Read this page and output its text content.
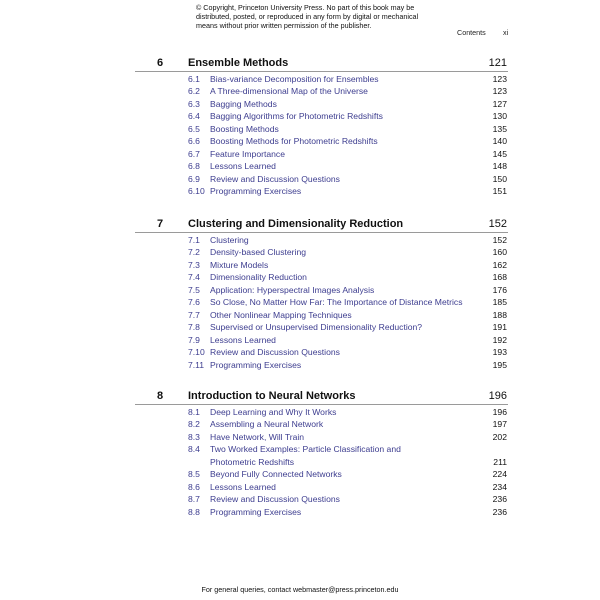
© Copyright, Princeton University Press. No part of this book may be
distributed, posted, or reproduced in any form by digital or mechanical
means without prior written permission of the publisher.
Contents xi
6 Ensemble Methods	121
6.1 Bias-variance Decomposition for Ensembles	123
6.2 A Three-dimensional Map of the Universe	123
6.3 Bagging Methods	127
6.4 Bagging Algorithms for Photometric Redshifts	130
6.5 Boosting Methods	135
6.6 Boosting Methods for Photometric Redshifts	140
6.7 Feature Importance	145
6.8 Lessons Learned	148
6.9 Review and Discussion Questions	150
6.10 Programming Exercises	151
7 Clustering and Dimensionality Reduction	152
7.1 Clustering	152
7.2 Density-based Clustering	160
7.3 Mixture Models	162
7.4 Dimensionality Reduction	168
7.5 Application: Hyperspectral Images Analysis	176
7.6 So Close, No Matter How Far: The Importance of Distance Metrics	185
7.7 Other Nonlinear Mapping Techniques	188
7.8 Supervised or Unsupervised Dimensionality Reduction?	191
7.9 Lessons Learned	192
7.10 Review and Discussion Questions	193
7.11 Programming Exercises	195
8 Introduction to Neural Networks	196
8.1 Deep Learning and Why It Works	196
8.2 Assembling a Neural Network	197
8.3 Have Network, Will Train	202
8.4 Two Worked Examples: Particle Classification and
Photometric Redshifts	211
8.5 Beyond Fully Connected Networks	224
8.6 Lessons Learned	234
8.7 Review and Discussion Questions	236
8.8 Programming Exercises	236
For general queries, contact webmaster@press.princeton.edu
